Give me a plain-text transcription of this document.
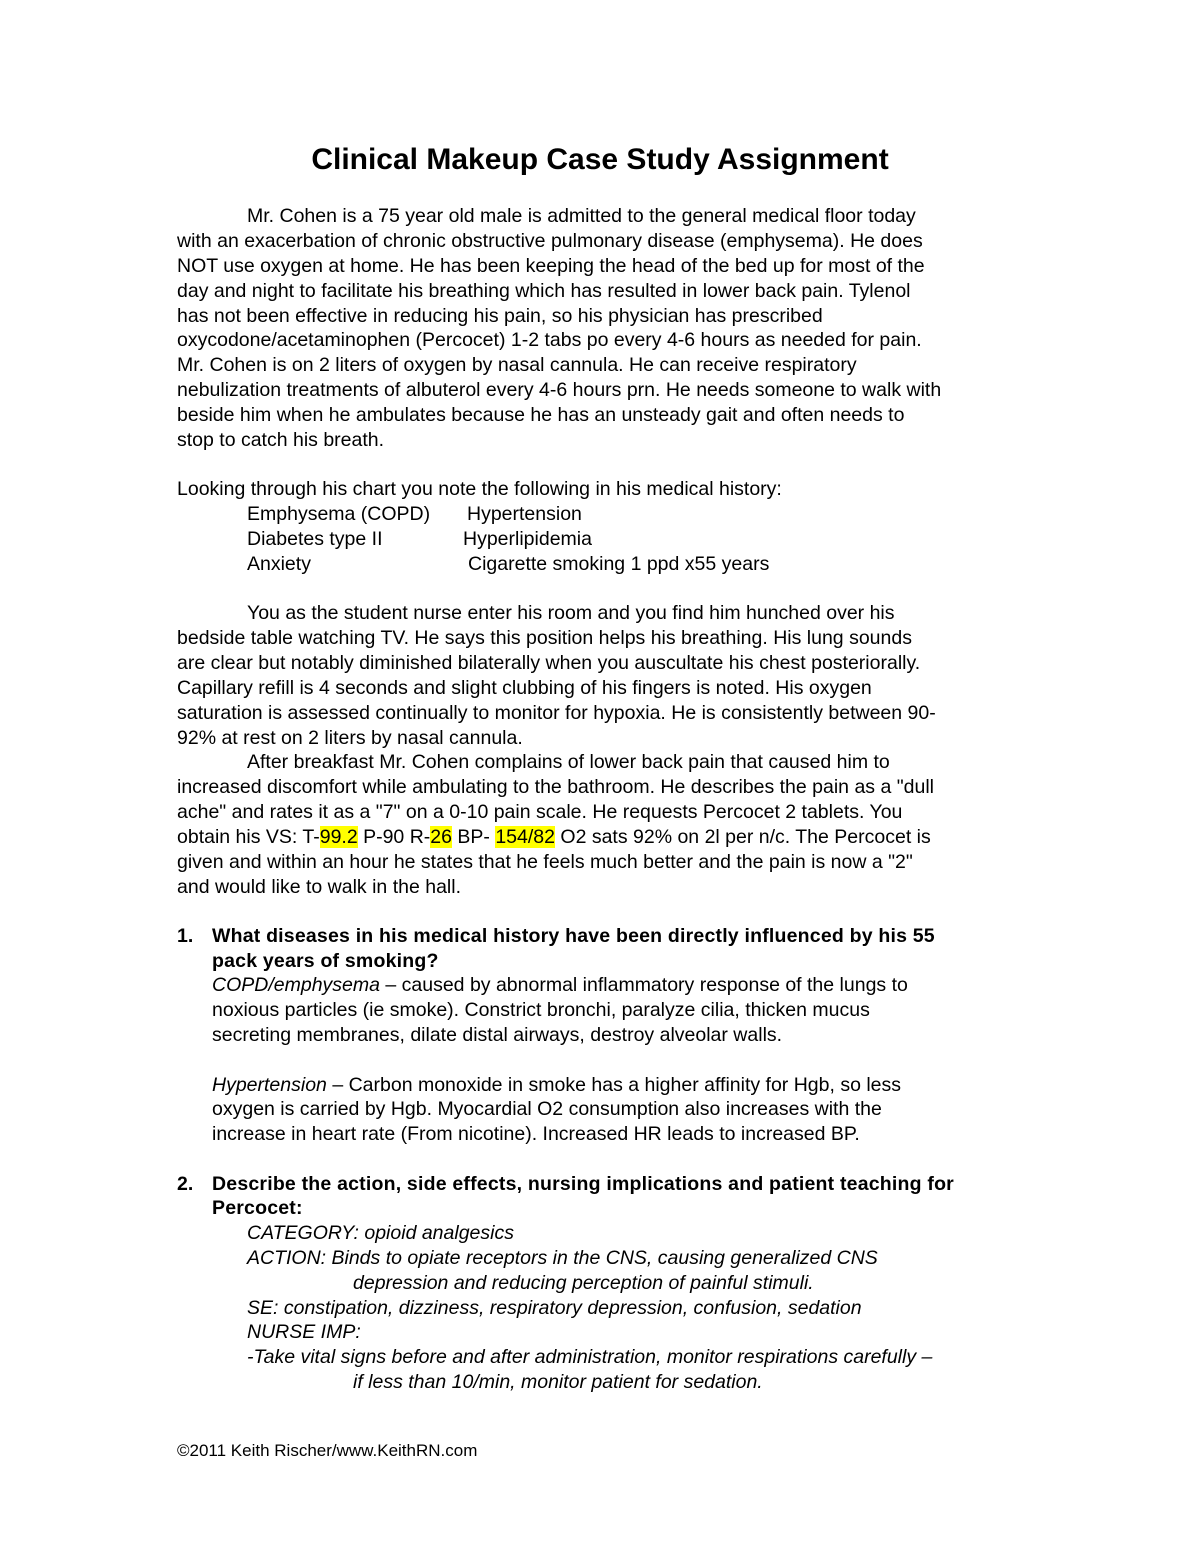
Clinical Makeup Case Study Assignment
Mr. Cohen is a 75 year old male is admitted to the general medical floor today
with an exacerbation of chronic obstructive pulmonary disease (emphysema). He does
NOT use oxygen at home. He has been keeping the head of the bed up for most of the
day and night to facilitate his breathing which has resulted in lower back pain. Tylenol
has not been effective in reducing his pain, so his physician has prescribed
oxycodone/acetaminophen (Percocet) 1-2 tabs po every 4-6 hours as needed for pain.
Mr. Cohen is on 2 liters of oxygen by nasal cannula. He can receive respiratory
nebulization treatments of albuterol every 4-6 hours prn. He needs someone to walk with
beside him when he ambulates because he has an unsteady gait and often needs to
stop to catch his breath.
Looking through his chart you note the following in his medical history:
Emphysema (COPD) Hypertension
Diabetes type II	Hyperlipidemia
Anxiety	Cigarette smoking 1 ppd x55 years
You as the student nurse enter his room and you find him hunched over his
bedside table watching TV. He says this position helps his breathing. His lung sounds
are clear but notably diminished bilaterally when you auscultate his chest posteriorally.
Capillary refill is 4 seconds and slight clubbing of his fingers is noted. His oxygen
saturation is assessed continually to monitor for hypoxia. He is consistently between 90-
92% at rest on 2 liters by nasal cannula.
After breakfast Mr. Cohen complains of lower back pain that caused him to
increased discomfort while ambulating to the bathroom. He describes the pain as a "dull
ache" and rates it as a "7" on a 0-10 pain scale. He requests Percocet 2 tablets. You
obtain his VS: T-99.2 P-90 R-26 BP- 154/82 O2 sats 92% on 2l per n/c. The Percocet is
given and within an hour he states that he feels much better and the pain is now a "2"
and would like to walk in the hall.
1. What diseases in his medical history have been directly influenced by his 55
pack years of smoking?
COPD/emphysema – caused by abnormal inflammatory response of the lungs to
noxious particles (ie smoke). Constrict bronchi, paralyze cilia, thicken mucus
secreting membranes, dilate distal airways, destroy alveolar walls.
Hypertension – Carbon monoxide in smoke has a higher affinity for Hgb, so less
oxygen is carried by Hgb. Myocardial O2 consumption also increases with the
increase in heart rate (From nicotine). Increased HR leads to increased BP.
2. Describe the action, side effects, nursing implications and patient teaching for
Percocet:
CATEGORY: opioid analgesics
ACTION: Binds to opiate receptors in the CNS, causing generalized CNS
depression and reducing perception of painful stimuli.
SE: constipation, dizziness, respiratory depression, confusion, sedation
NURSE IMP:
-Take vital signs before and after administration, monitor respirations carefully –
if less than 10/min, monitor patient for sedation.
©2011 Keith Rischer/www.KeithRN.com
